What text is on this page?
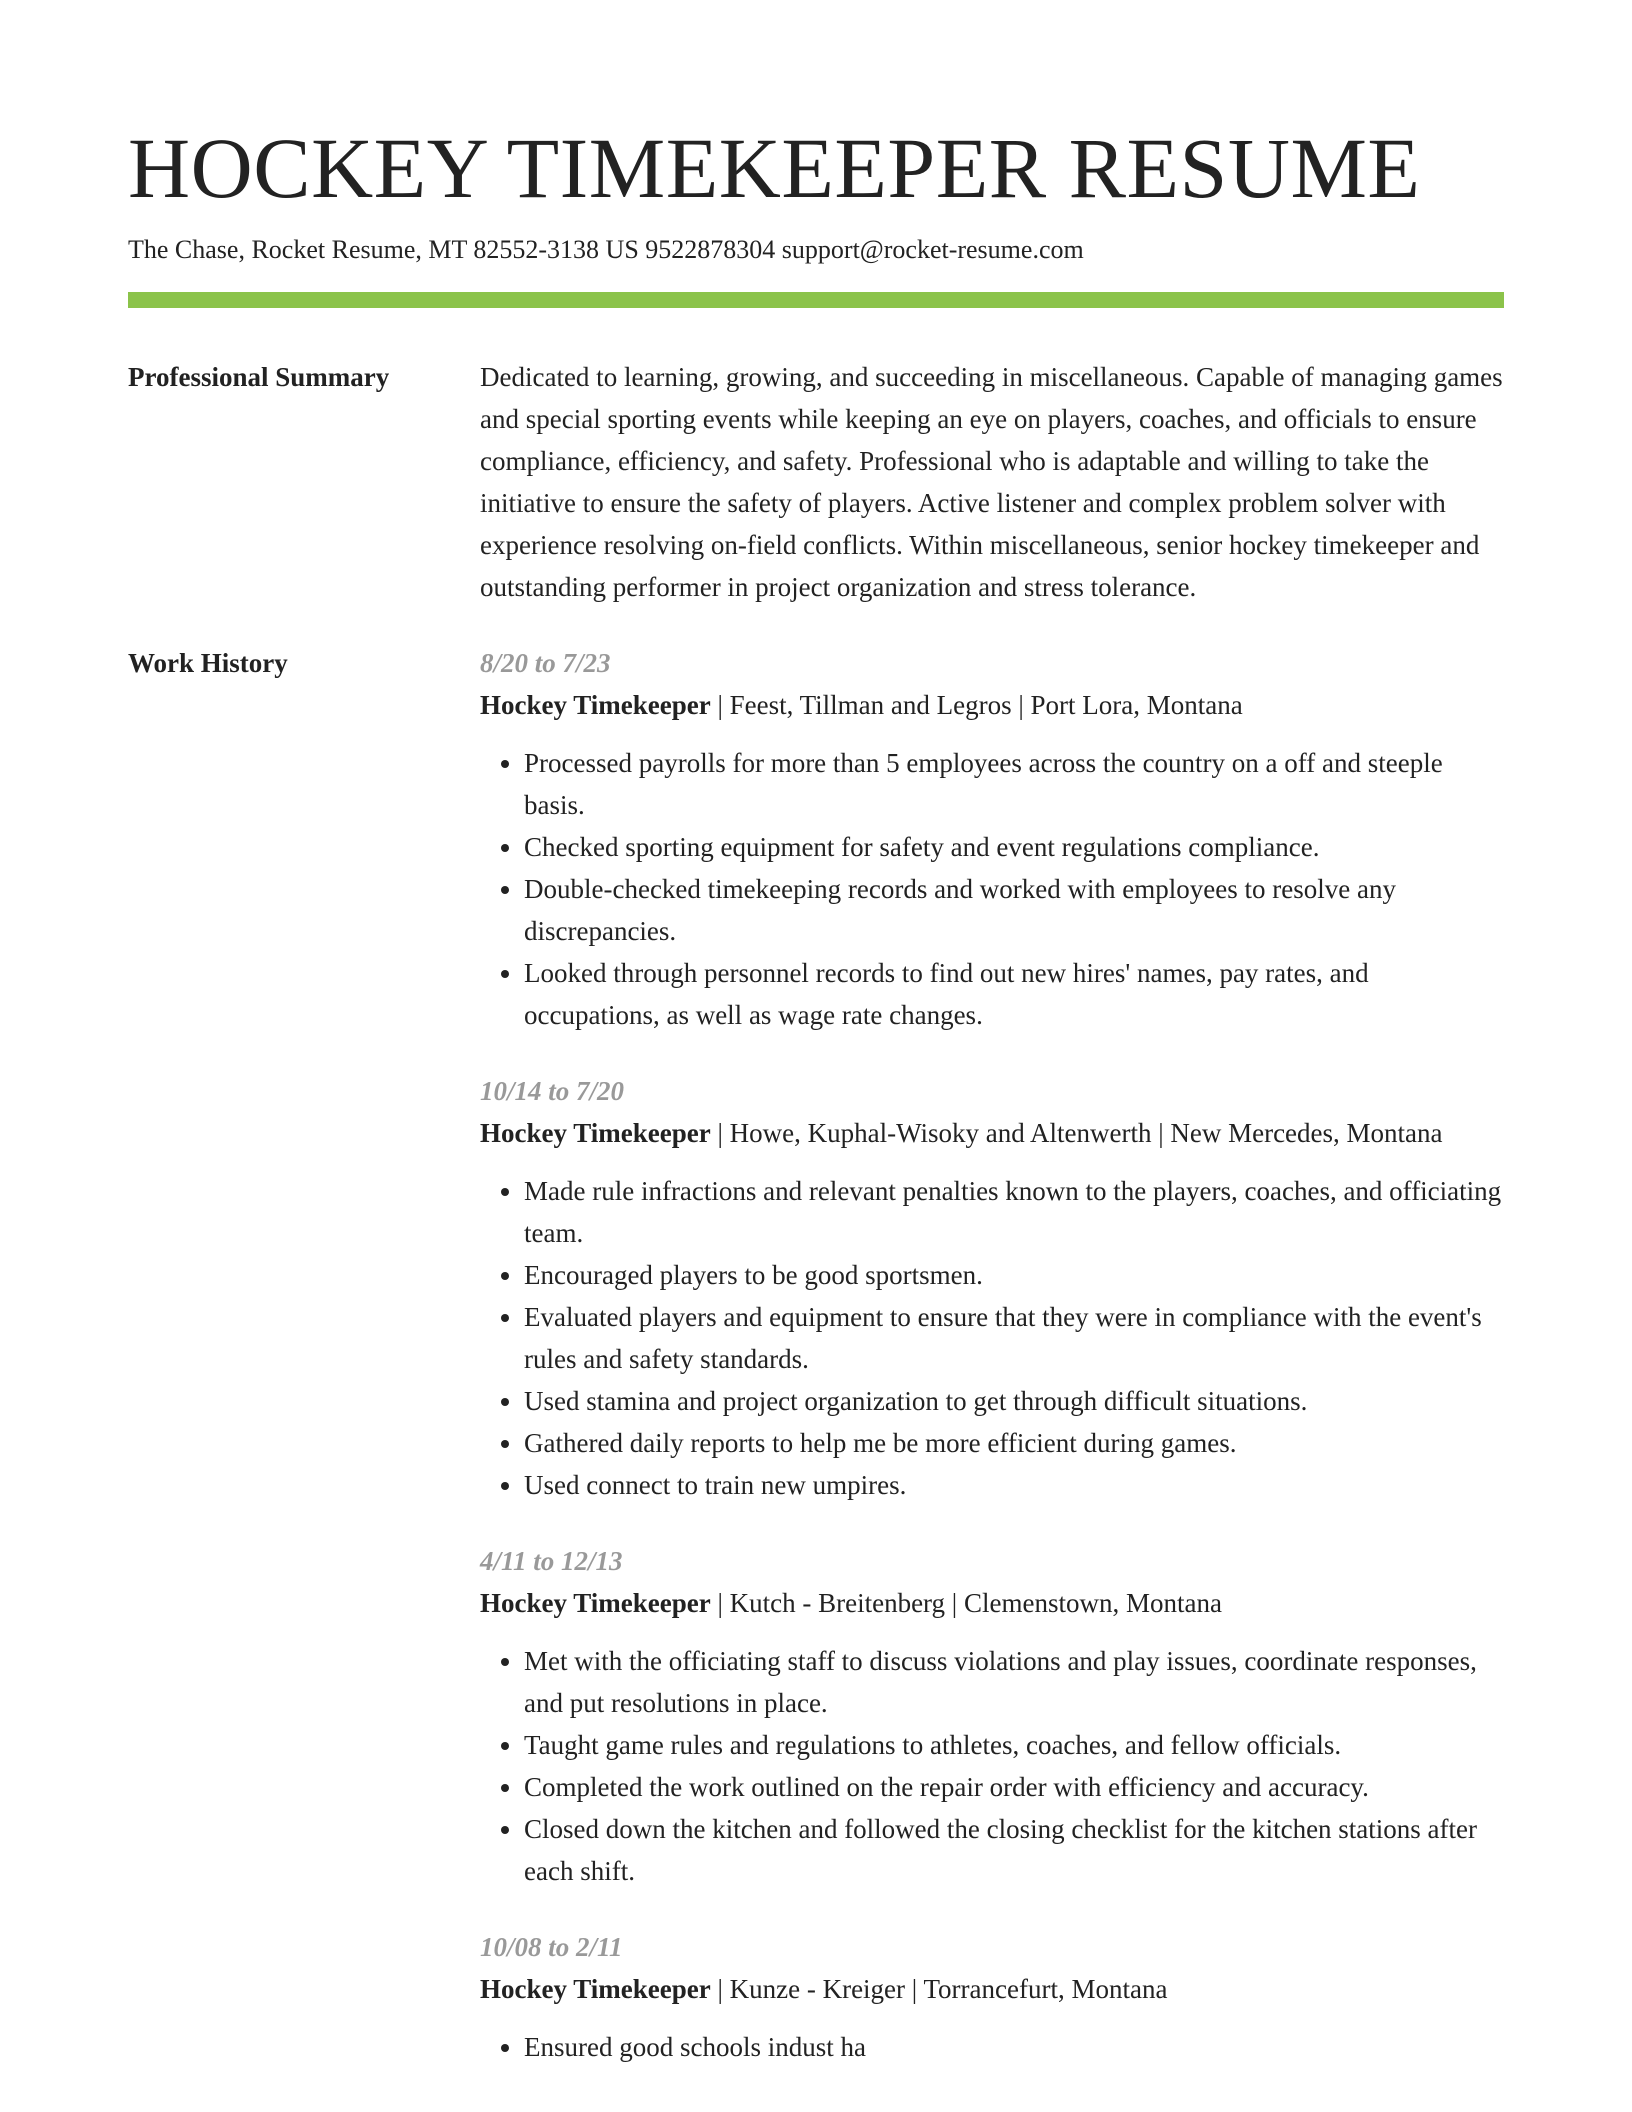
HOCKEY TIMEKEEPER RESUME
The Chase, Rocket Resume, MT 82552-3138 US 9522878304 support@rocket-resume.com
Professional Summary	Dedicated to learning, growing, and succeeding in miscellaneous. Capable of managing games and special sporting events while keeping an eye on players, coaches, and officials to ensure compliance, efficiency, and safety. Professional who is adaptable and willing to take the initiative to ensure the safety of players. Active listener and complex problem solver with experience resolving on-field conflicts. Within miscellaneous, senior hockey timekeeper and outstanding performer in project organization and stress tolerance.

Work History	8/20 to 7/23
Hockey Timekeeper | Feest, Tillman and Legros | Port Lora, Montana
• Processed payrolls for more than 5 employees across the country on a off and steeple basis.
• Checked sporting equipment for safety and event regulations compliance.
• Double-checked timekeeping records and worked with employees to resolve any discrepancies.
• Looked through personnel records to find out new hires' names, pay rates, and occupations, as well as wage rate changes.
10/14 to 7/20
Hockey Timekeeper | Howe, Kuphal-Wisoky and Altenwerth | New Mercedes, Montana
• Made rule infractions and relevant penalties known to the players, coaches, and officiating team.
• Encouraged players to be good sportsmen.
• Evaluated players and equipment to ensure that they were in compliance with the event's rules and safety standards.
• Used stamina and project organization to get through difficult situations.
• Gathered daily reports to help me be more efficient during games.
• Used connect to train new umpires.
4/11 to 12/13
Hockey Timekeeper | Kutch - Breitenberg | Clemenstown, Montana
• Met with the officiating staff to discuss violations and play issues, coordinate responses, and put resolutions in place.
• Taught game rules and regulations to athletes, coaches, and fellow officials.
• Completed the work outlined on the repair order with efficiency and accuracy.
• Closed down the kitchen and followed the closing checklist for the kitchen stations after each shift.
10/08 to 2/11
Hockey Timekeeper | Kunze - Kreiger | Torrancefurt, Montana
• Ensured good schools indust ha
